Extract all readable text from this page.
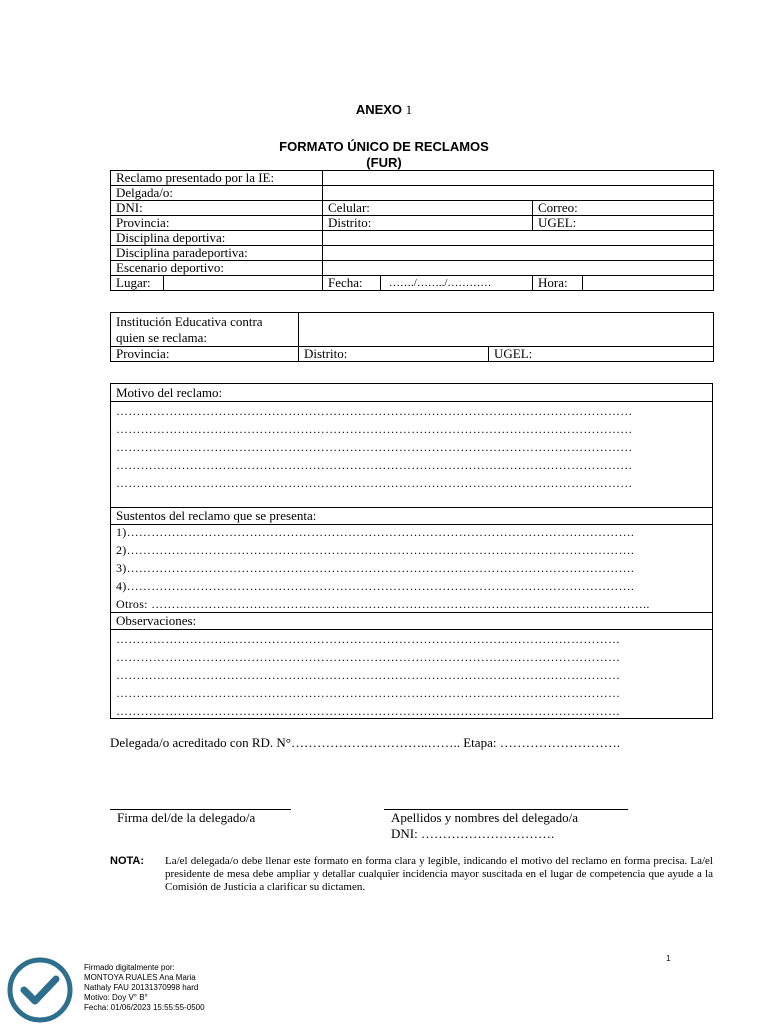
ANEXO 1
FORMATO ÚNICO DE RECLAMOS
(FUR)
Reclamo presentado por la IE:					
Delgada/o:					
DNI:		Celular:		Correo:	
Provincia:		Distrito:		UGEL:	
Disciplina deportiva:					
Disciplina paradeportiva:					
Escenario deportivo:					
Lugar:		Fecha:	……./……../…………	Hora:	
Institución Educativa contra
quien se reclama:		

Provincia:	Distrito:	UGEL:
Motivo del reclamo:
………………………………………………………………………………………………………………
………………………………………………………………………………………………………………
………………………………………………………………………………………………………………
………………………………………………………………………………………………………………
………………………………………………………………………………………………………………
Sustentos del reclamo que se presenta:
1)…………………………………………………………………………………………………………….
2)…………………………………………………………………………………………………………….
3)…………………………………………………………………………………………………………….
4)…………………………………………………………………………………………………………….
Otros: …………………………………………………………………………………………………………..
Observaciones:
……………………………………………………………………………………………………………
……………………………………………………………………………………………………………
……………………………………………………………………………………………………………
……………………………………………………………………………………………………………
……………………………………………………………………………………………………………
Delegada/o acreditado con RD. N°…………………………..…….. Etapa: ……………………….
Firma del/de la delegado/a	Apellidos y nombres del delegado/a
DNI: ………………………….
NOTA: La/el delegada/o debe llenar este formato en forma clara y legible, indicando el motivo del reclamo en forma precisa. La/el presidente de mesa debe ampliar y detallar cualquier incidencia mayor suscitada en el lugar de competencia que ayude a la Comisión de Justicia a clarificar su dictamen.
1
Firmado digitalmente por:
MONTOYA RUALES Ana Maria
Nathaly FAU 20131370998 hard
Motivo: Doy V° B°
Fecha: 01/06/2023 15:55:55-0500
